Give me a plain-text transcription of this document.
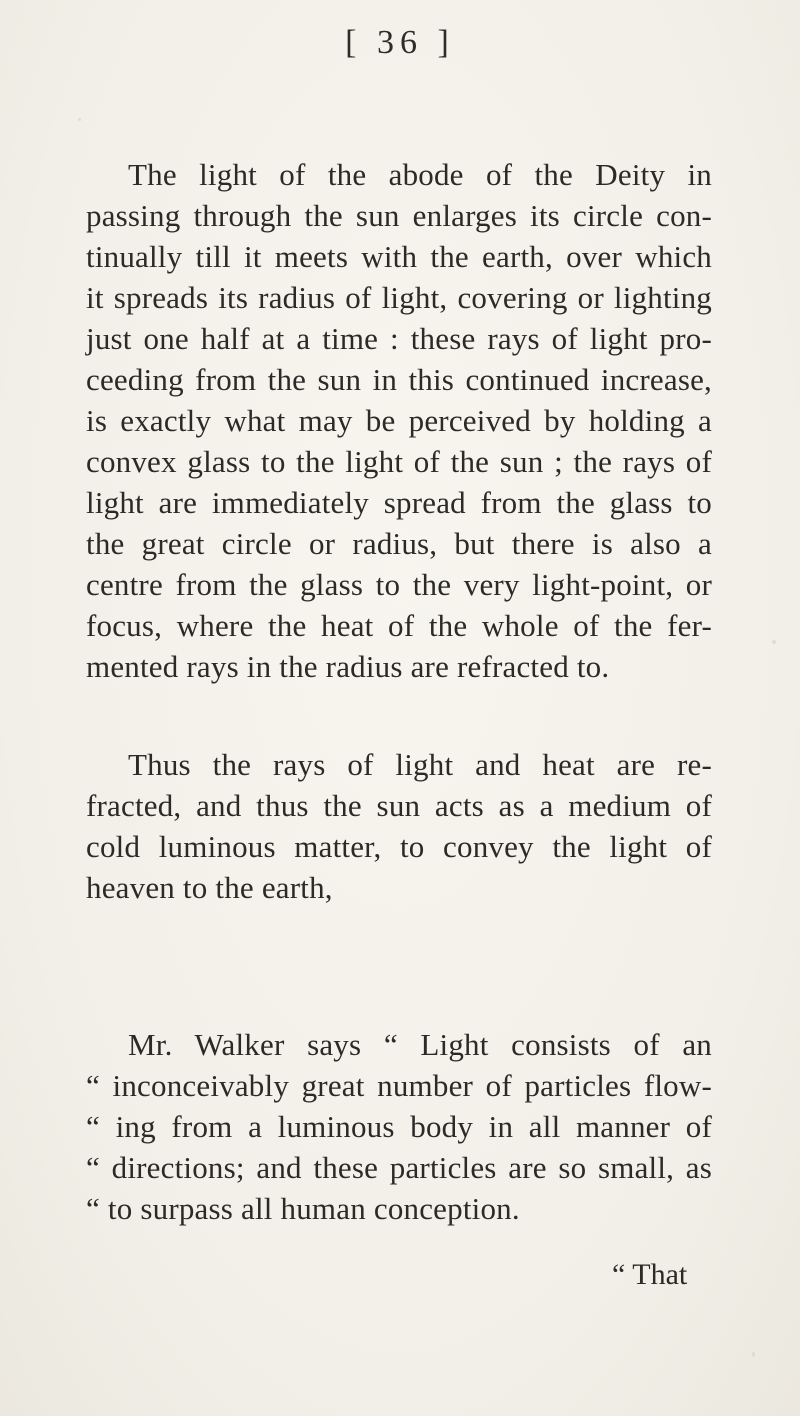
[ 36 ]
The light of the abode of the Deity in
passing through the sun enlarges its circle con-
tinually till it meets with the earth, over which
it spreads its radius of light, covering or lighting
just one half at a time : these rays of light pro-
ceeding from the sun in this continued increase,
is exactly what may be perceived by holding a
convex glass to the light of the sun ; the rays of
light are immediately spread from the glass to
the great circle or radius, but there is also a
centre from the glass to the very light-point, or
focus, where the heat of the whole of the fer-
mented rays in the radius are refracted to.
Thus the rays of light and heat are re-
fracted, and thus the sun acts as a medium of
cold luminous matter, to convey the light of
heaven to the earth,
Mr. Walker says “ Light consists of an
“ inconceivably great number of particles flow-
“ ing from a luminous body in all manner of
“ directions; and these particles are so small, as
“ to surpass all human conception.
“ That
